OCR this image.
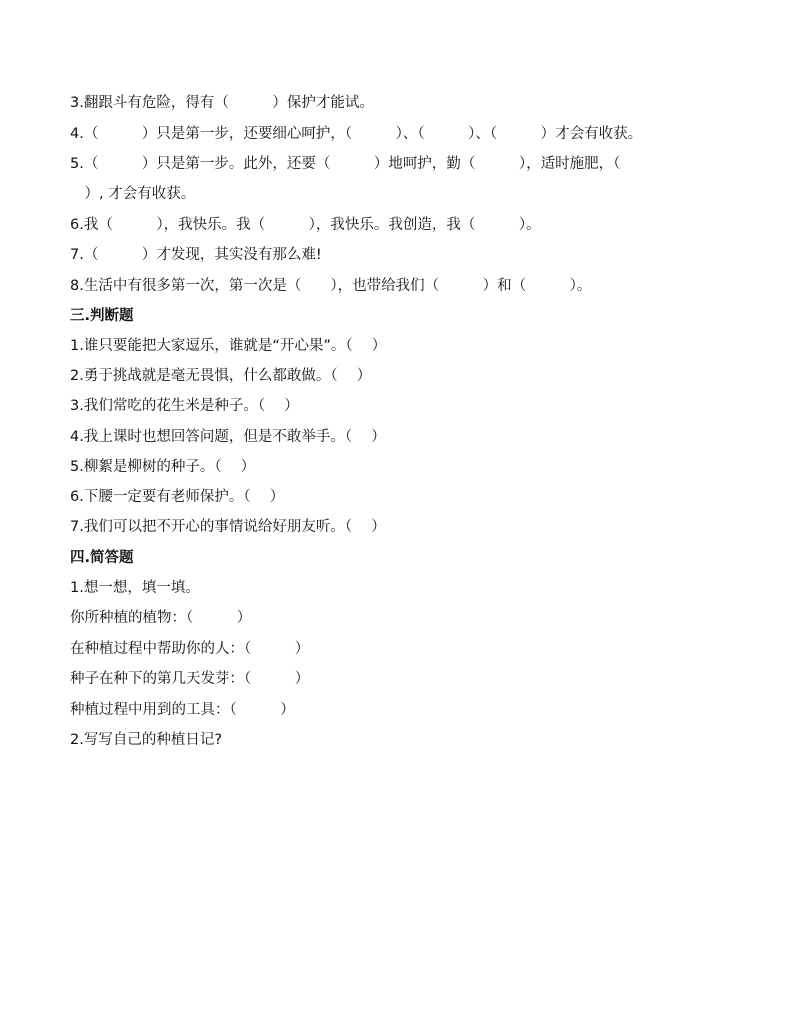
3.翻跟斗有危险，得有（　　　）保护才能试。
4.（　　　）只是第一步，还要细心呵护，（　　　）、（　　　）、（　　　）才会有收获。
5.（　　　）只是第一步。此外，还要（　　　）地呵护，勤（　　　），适时施肥，（
　）, 才会有收获。
6.我（　　　），我快乐。我（　　　），我快乐。我创造，我（　　　）。
7.（　　　）才发现，其实没有那么难!
8.生活中有很多第一次，第一次是（　　），也带给我们（　　　）和（　　　）。
三.判断题
1.谁只要能把大家逗乐，谁就是“开心果”。（　 ）
2.勇于挑战就是毫无畏惧，什么都敢做。（　 ）
3.我们常吃的花生米是种子。（　 ）
4.我上课时也想回答问题，但是不敢举手。（　 ）
5.柳絮是柳树的种子。（　 ）
6.下腰一定要有老师保护。（　 ）
7.我们可以把不开心的事情说给好朋友听。（　 ）
四.简答题
1.想一想，填一填。
你所种植的植物：（　　　）
在种植过程中帮助你的人：（　　　）
种子在种下的第几天发芽：（　　　）
种植过程中用到的工具：（　　　）
2.写写自己的种植日记?
